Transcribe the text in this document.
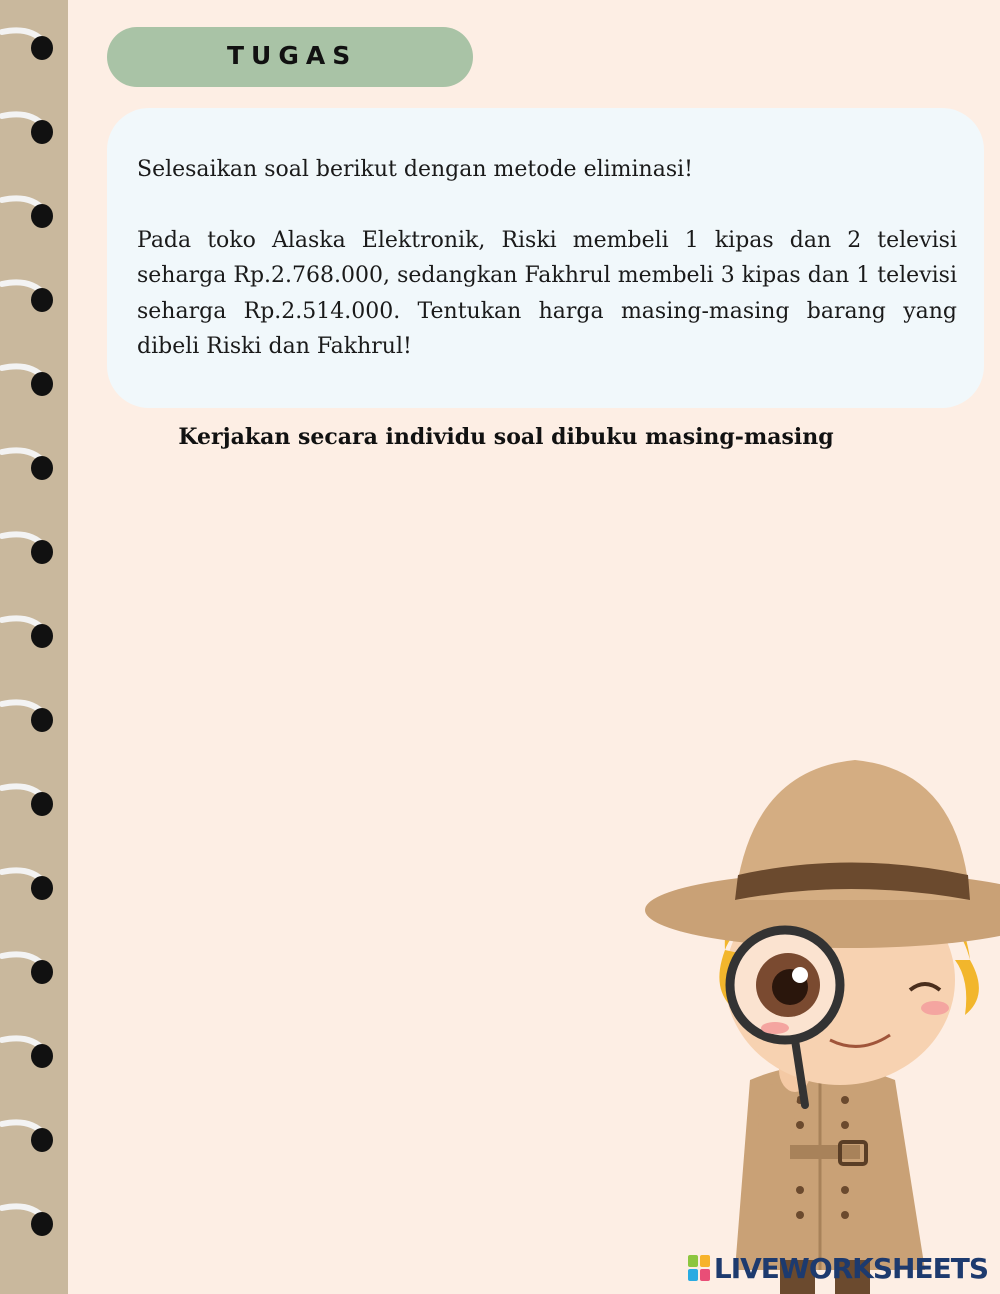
TUGAS

Selesaikan soal berikut dengan metode eliminasi!

Pada toko Alaska Elektronik, Riski membeli 1 kipas dan 2 televisi seharga Rp.2.768.000, sedangkan Fakhrul membeli 3 kipas dan 1 televisi seharga Rp.2.514.000. Tentukan harga masing-masing barang yang dibeli Riski dan Fakhrul!

Kerjakan secara individu soal dibuku masing-masing
LIVEWORKSHEETS
